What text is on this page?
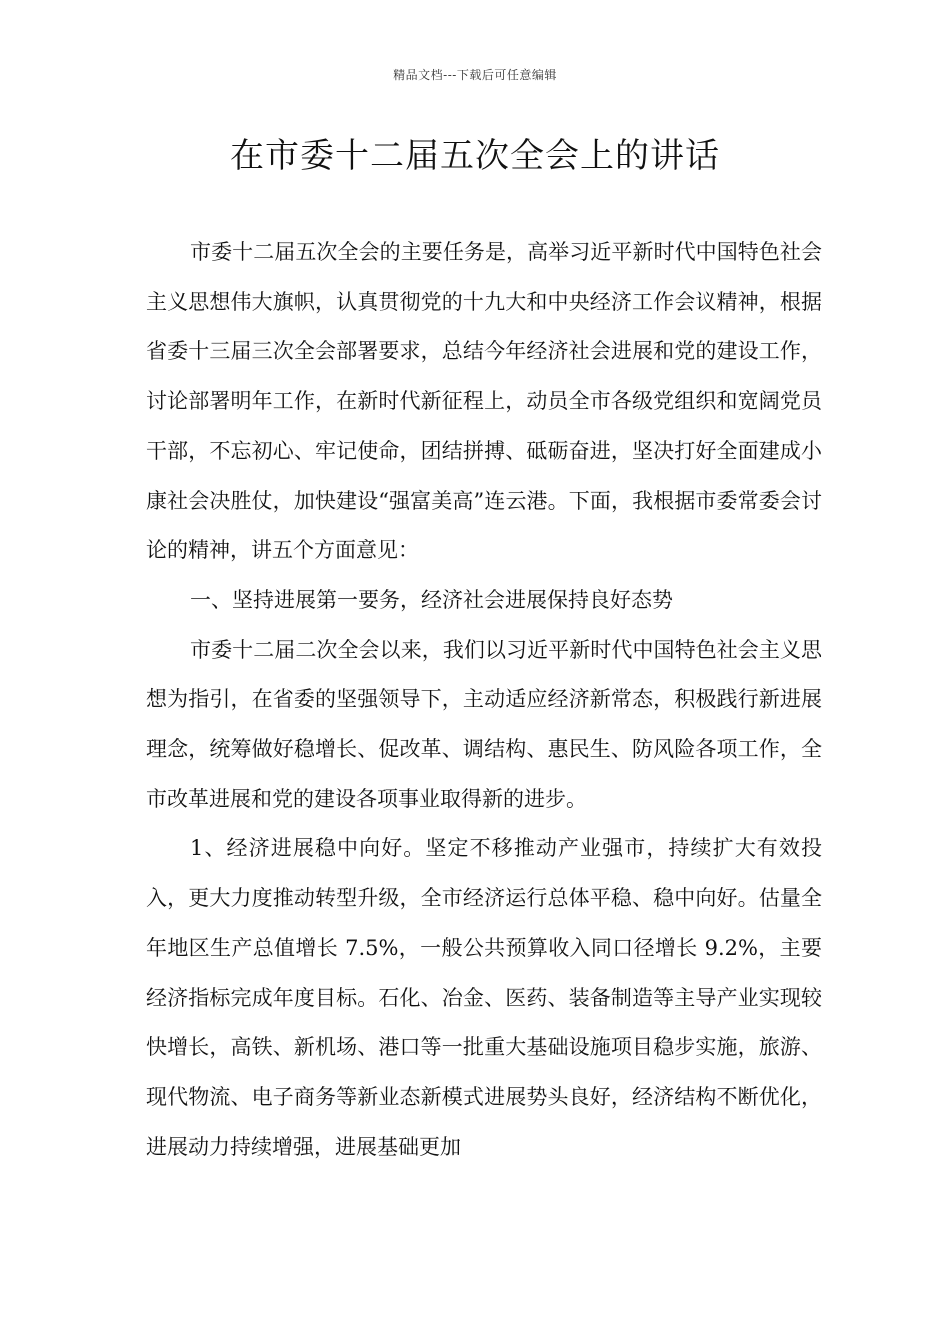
精品文档---下载后可任意编辑
在市委十二届五次全会上的讲话

市委十二届五次全会的主要任务是，高举习近平新时代中国特色社会主义思想伟大旗帜，认真贯彻党的十九大和中央经济工作会议精神，根据省委十三届三次全会部署要求，总结今年经济社会进展和党的建设工作，讨论部署明年工作，在新时代新征程上，动员全市各级党组织和宽阔党员干部，不忘初心、牢记使命，团结拼搏、砥砺奋进，坚决打好全面建成小康社会决胜仗，加快建设“强富美高”连云港。下面，我根据市委常委会讨论的精神，讲五个方面意见：

一、坚持进展第一要务，经济社会进展保持良好态势

市委十二届二次全会以来，我们以习近平新时代中国特色社会主义思想为指引，在省委的坚强领导下，主动适应经济新常态，积极践行新进展理念，统筹做好稳增长、促改革、调结构、惠民生、防风险各项工作，全市改革进展和党的建设各项事业取得新的进步。

1、经济进展稳中向好。坚定不移推动产业强市，持续扩大有效投入，更大力度推动转型升级，全市经济运行总体平稳、稳中向好。估量全年地区生产总值增长 7.5%，一般公共预算收入同口径增长 9.2%，主要经济指标完成年度目标。石化、冶金、医药、装备制造等主导产业实现较快增长，高铁、新机场、港口等一批重大基础设施项目稳步实施，旅游、现代物流、电子商务等新业态新模式进展势头良好，经济结构不断优化，进展动力持续增强，进展基础更加
